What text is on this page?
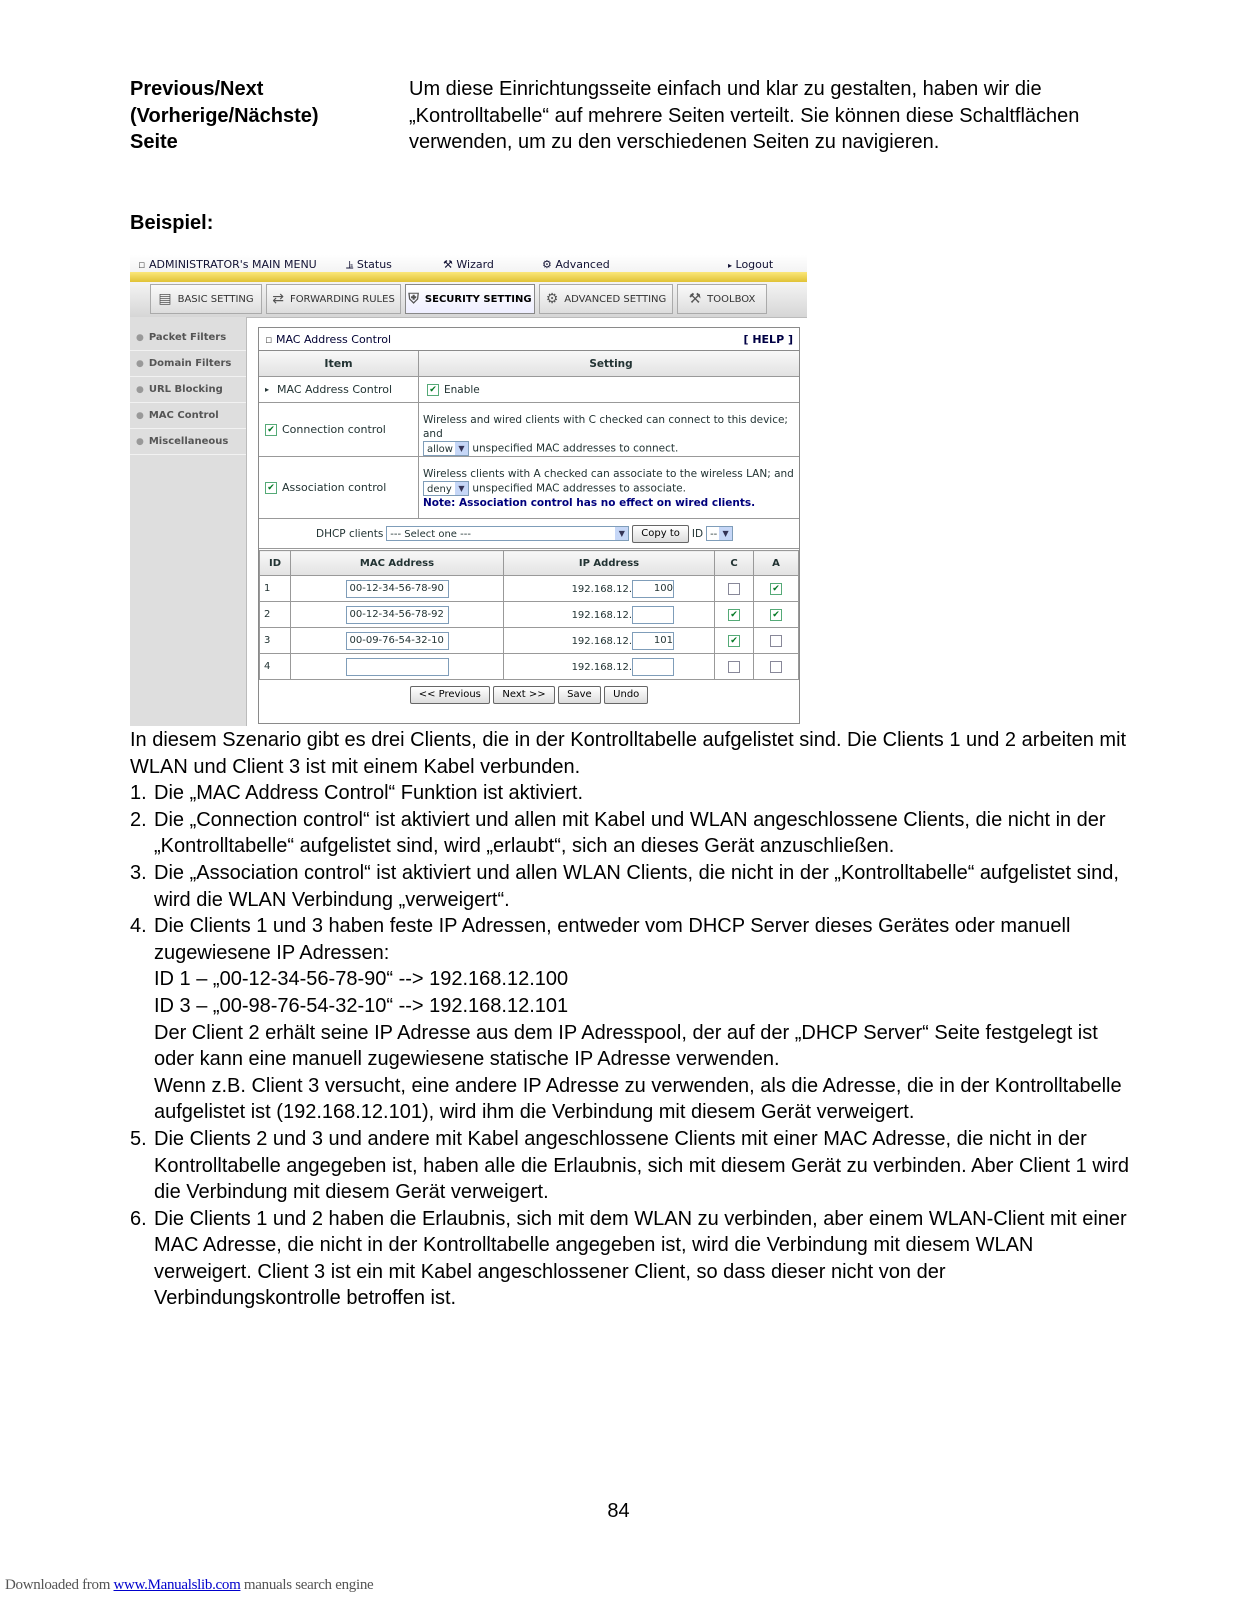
Previous/Next
(Vorherige/Nächste)
Seite
Um diese Einrichtungsseite einfach und klar zu gestalten, haben wir die „Kontrolltabelle“ auf mehrere Seiten verteilt. Sie können diese Schaltflächen verwenden, um zu den verschiedenen Seiten zu navigieren.
Beispiel:
▫ ADMINISTRATOR's MAIN MENU	⫡ Status	⚒ Wizard	⚙ Advanced	▸ Logout
▤ BASIC SETTING ⇄ FORWARDING RULES ⛨ SECURITY SETTING ⚙ ADVANCED SETTING ⚒ TOOLBOX
● Packet Filters
● Domain Filters
● URL Blocking
● MAC Control
● Miscellaneous
▫ MAC Address Control	[ HELP ]
Item	Setting
▸ MAC Address Control	✔ Enable
✔ Connection control
Wireless and wired clients with C checked can connect to this device; and
allow ▼ unspecified MAC addresses to connect.
✔ Association control
Wireless clients with A checked can associate to the wireless LAN; and
deny ▼ unspecified MAC addresses to associate.
Note: Association control has no effect on wired clients.
DHCP clients --- Select one ---	▼	Copy to	ID -- ▼
ID	MAC Address	IP Address	C	A
1	00-12-34-56-78-90	192.168.12. 100		✔
2	00-12-34-56-78-92	192.168.12.	✔	✔
3	00-09-76-54-32-10	192.168.12. 101	✔	
4		192.168.12.		
<< Previous Next >> Save Undo
In diesem Szenario gibt es drei Clients, die in der Kontrolltabelle aufgelistet sind. Die Clients 1 und 2 arbeiten mit WLAN und Client 3 ist mit einem Kabel verbunden.
1. Die „MAC Address Control“ Funktion ist aktiviert.
2. Die „Connection control“ ist aktiviert und allen mit Kabel und WLAN angeschlossene Clients, die nicht in der „Kontrolltabelle“ aufgelistet sind, wird „erlaubt“, sich an dieses Gerät anzuschließen.
3. Die „Association control“ ist aktiviert und allen WLAN Clients, die nicht in der „Kontrolltabelle“ aufgelistet sind, wird die WLAN Verbindung „verweigert“.
4. Die Clients 1 und 3 haben feste IP Adressen, entweder vom DHCP Server dieses Gerätes oder manuell zugewiesene IP Adressen:
ID 1 – „00-12-34-56-78-90“ --> 192.168.12.100
ID 3 – „00-98-76-54-32-10“ --> 192.168.12.101
Der Client 2 erhält seine IP Adresse aus dem IP Adresspool, der auf der „DHCP Server“ Seite festgelegt ist oder kann eine manuell zugewiesene statische IP Adresse verwenden.
Wenn z.B. Client 3 versucht, eine andere IP Adresse zu verwenden, als die Adresse, die in der Kontrolltabelle aufgelistet ist (192.168.12.101), wird ihm die Verbindung mit diesem Gerät verweigert.
5. Die Clients 2 und 3 und andere mit Kabel angeschlossene Clients mit einer MAC Adresse, die nicht in der Kontrolltabelle angegeben ist, haben alle die Erlaubnis, sich mit diesem Gerät zu verbinden. Aber Client 1 wird die Verbindung mit diesem Gerät verweigert.
6. Die Clients 1 und 2 haben die Erlaubnis, sich mit dem WLAN zu verbinden, aber einem WLAN-Client mit einer MAC Adresse, die nicht in der Kontrolltabelle angegeben ist, wird die Verbindung mit diesem WLAN verweigert. Client 3 ist ein mit Kabel angeschlossener Client, so dass dieser nicht von der Verbindungskontrolle betroffen ist.
84
Downloaded from www.Manualslib.com manuals search engine
